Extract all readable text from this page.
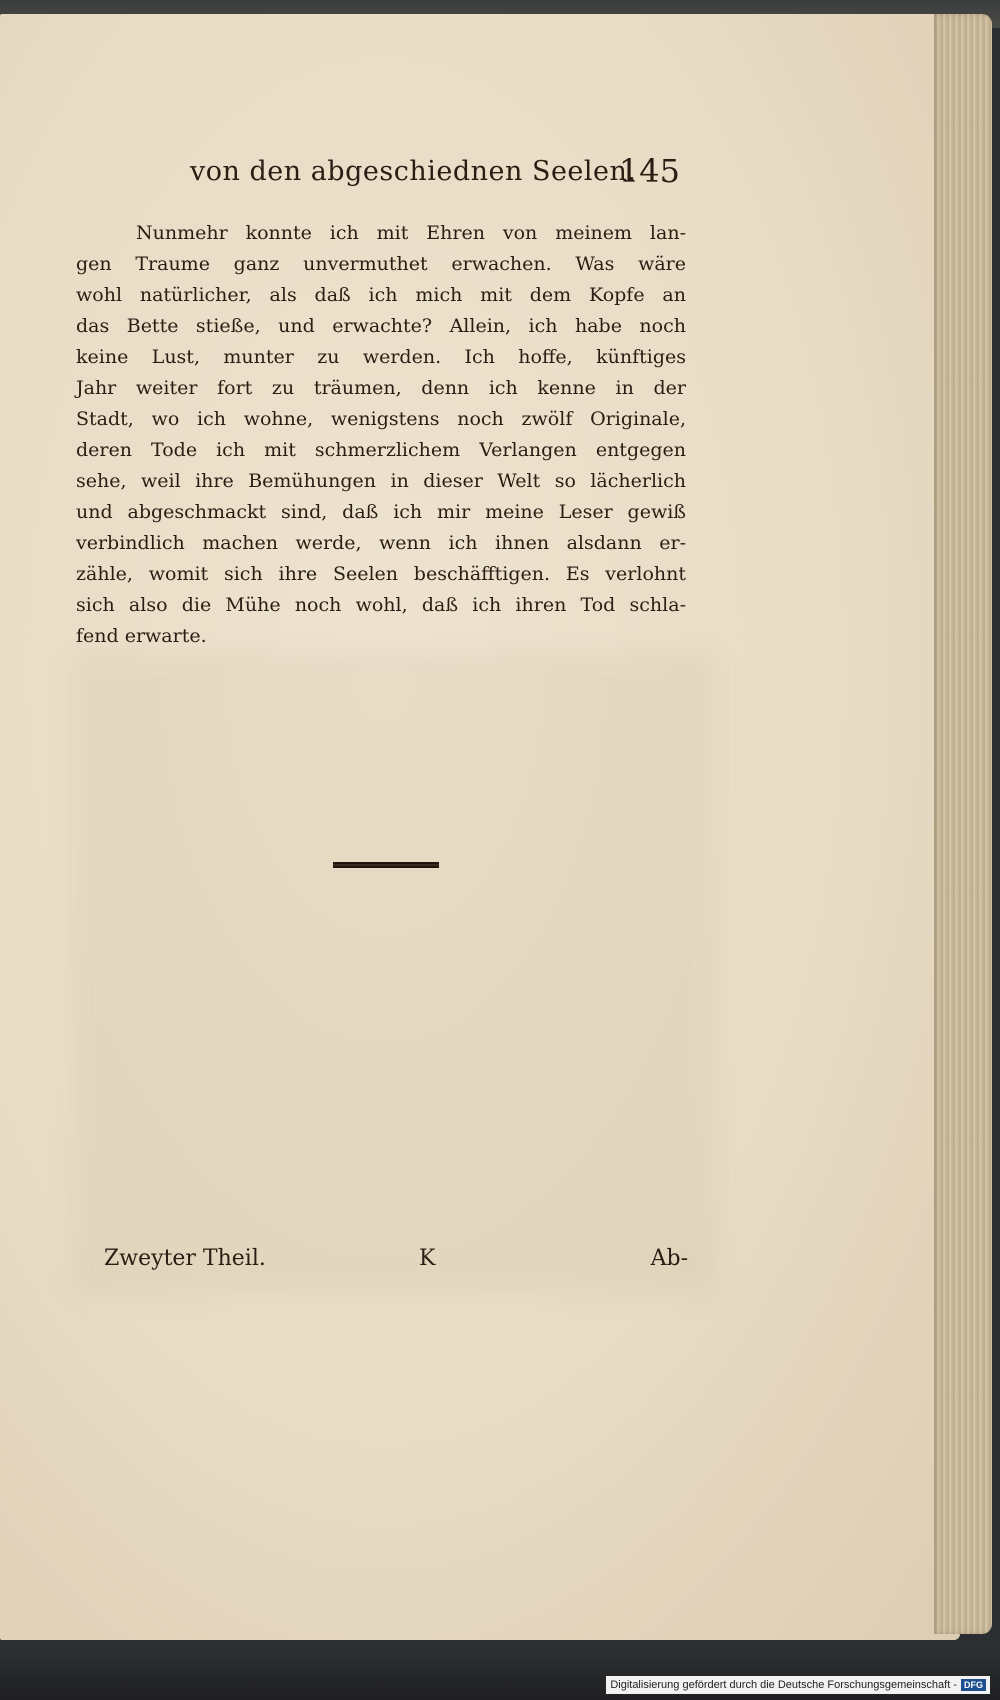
von den abgeschiednen Seelen.
145
Nunmehr konnte ich mit Ehren von meinem lan-
gen Traume ganz unvermuthet erwachen. Was wäre
wohl natürlicher, als daß ich mich mit dem Kopfe an
das Bette stieße, und erwachte? Allein, ich habe noch
keine Lust, munter zu werden. Ich hoffe, künftiges
Jahr weiter fort zu träumen, denn ich kenne in der
Stadt, wo ich wohne, wenigstens noch zwölf Originale,
deren Tode ich mit schmerzlichem Verlangen entgegen
sehe, weil ihre Bemühungen in dieser Welt so lächerlich
und abgeschmackt sind, daß ich mir meine Leser gewiß
verbindlich machen werde, wenn ich ihnen alsdann er-
zähle, womit sich ihre Seelen beschäfftigen. Es verlohnt
sich also die Mühe noch wohl, daß ich ihren Tod schla-
fend erwarte.
Zweyter Theil.	K	Ab-
Digitalisierung gefördert durch die Deutsche Forschungsgemeinschaft - DFG
